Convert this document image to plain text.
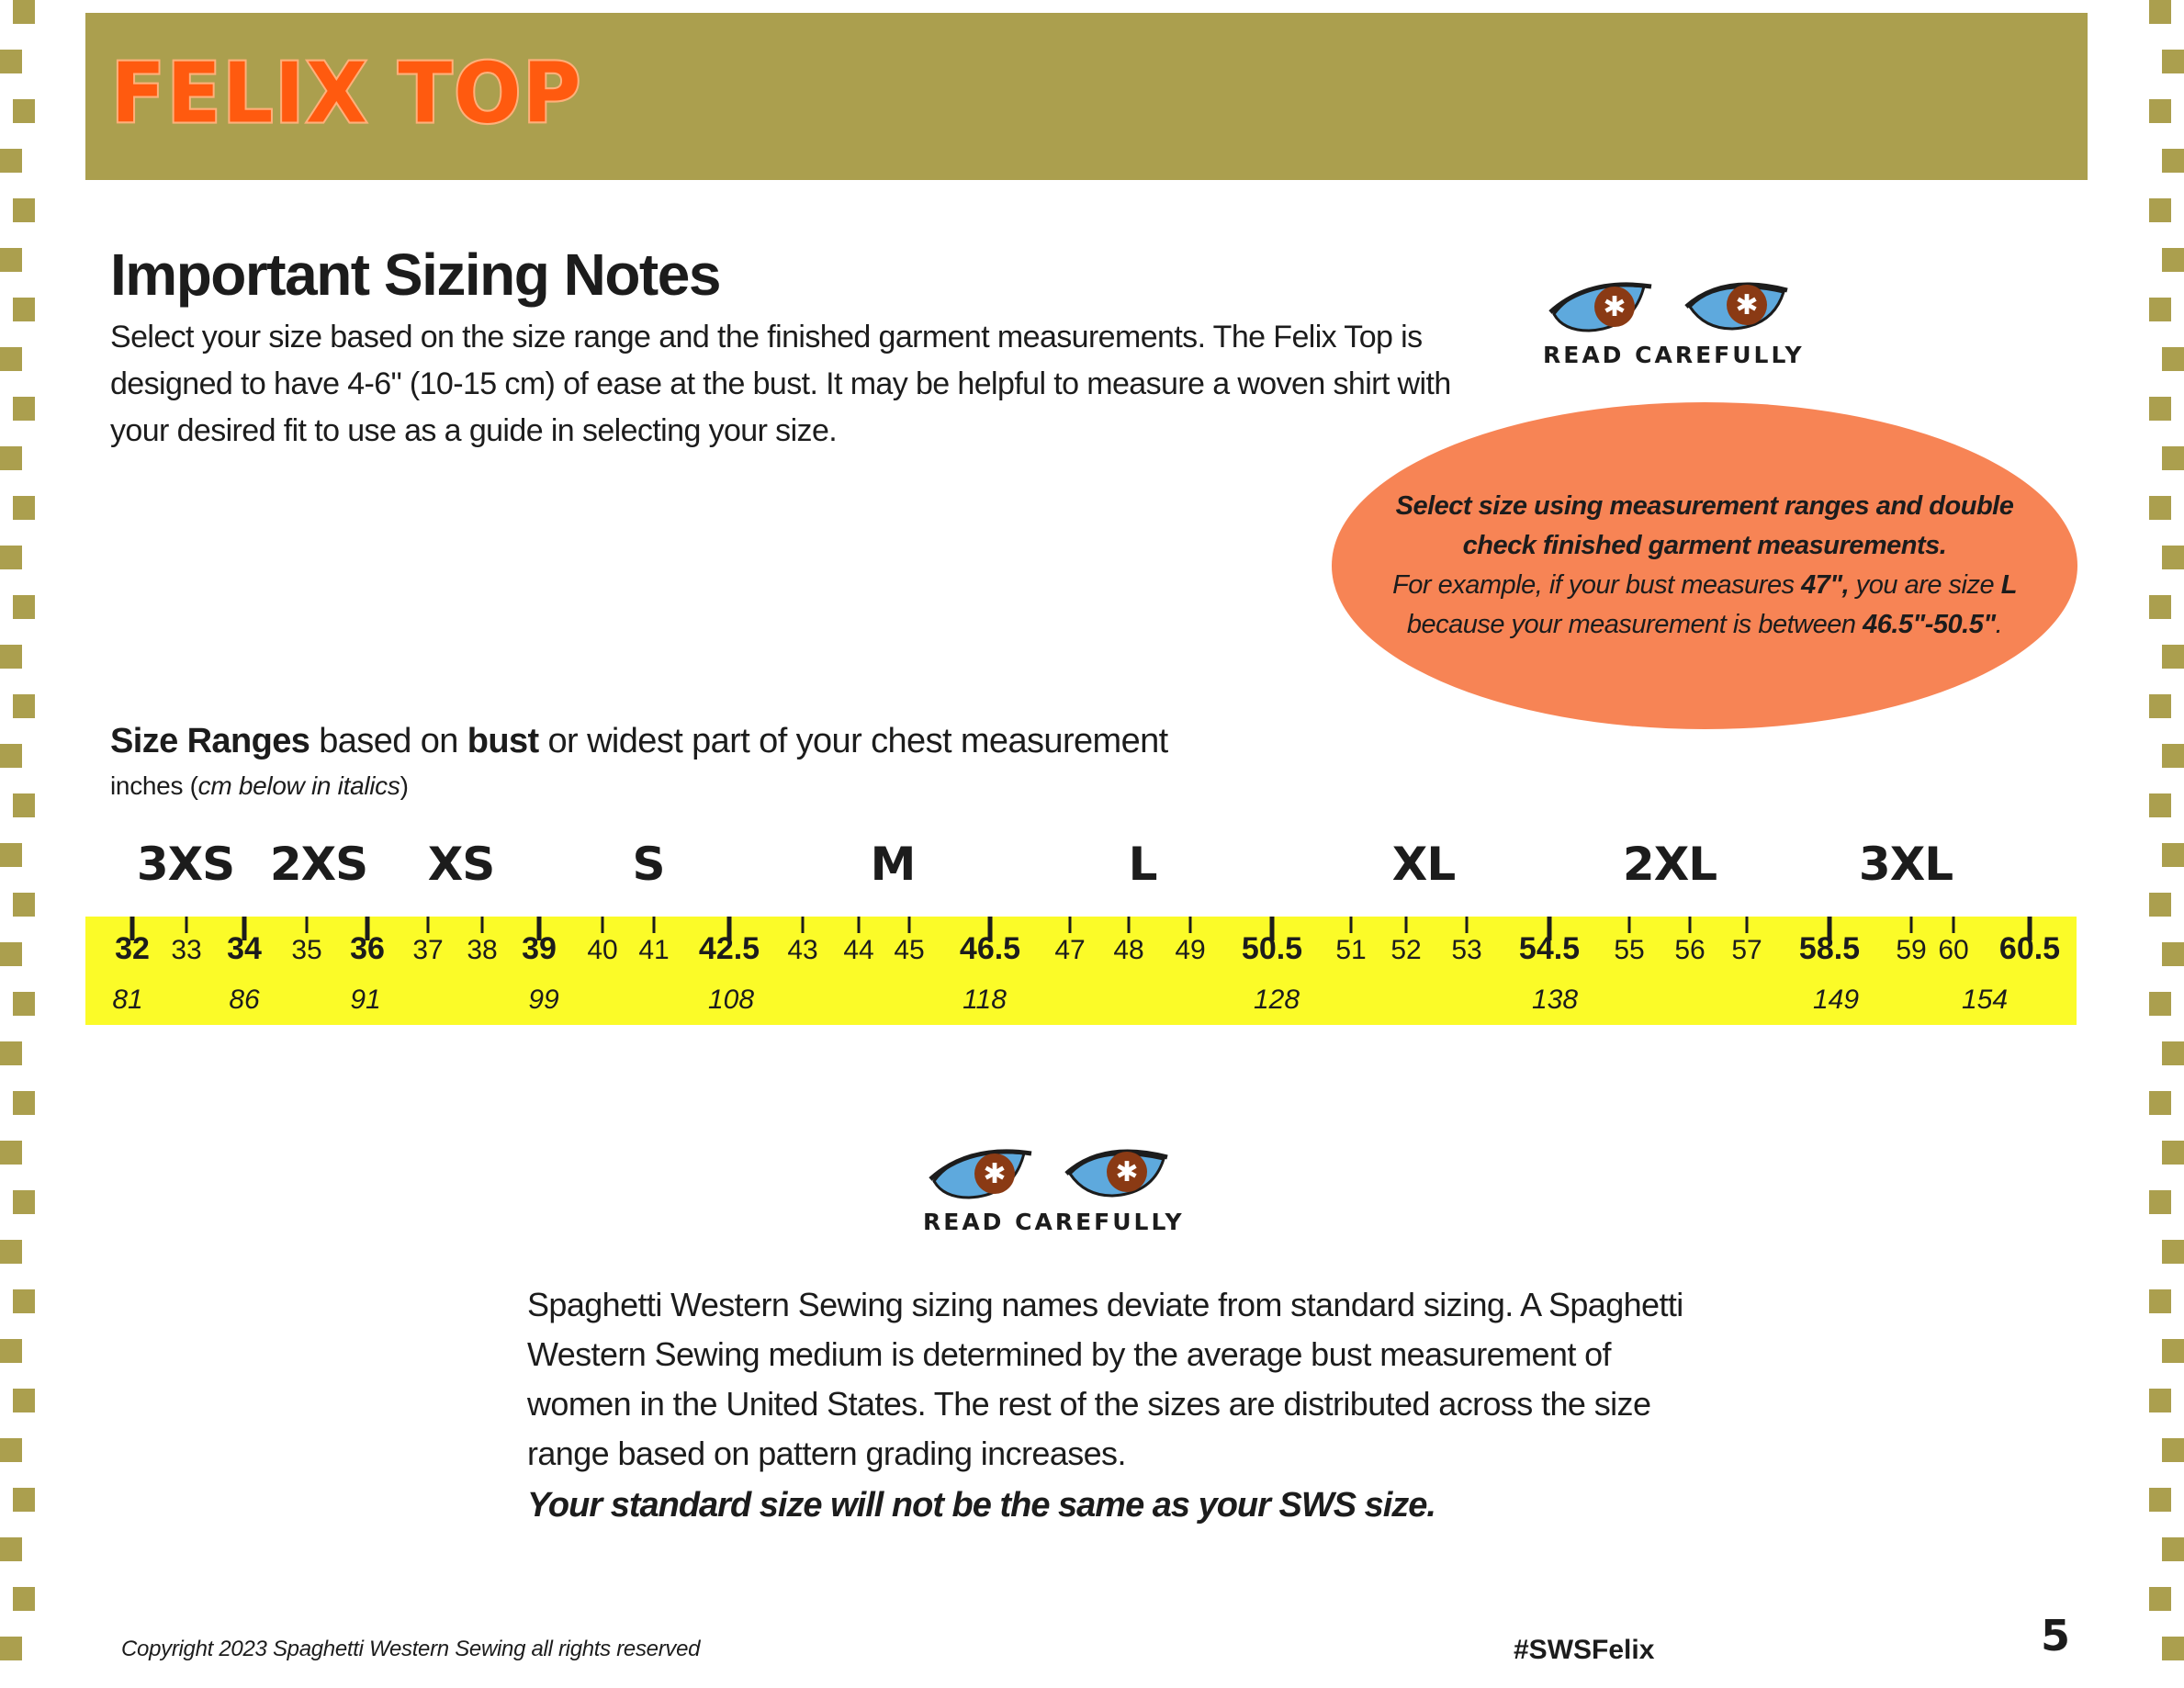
FELIX TOP
Important Sizing Notes
Select your size based on the size range and the finished garment measurements. The Felix Top is designed to have 4-6" (10-15 cm) of ease at the bust. It may be helpful to measure a woven shirt with your desired fit to use as a guide in selecting your size.
✱	✱
READ CAREFULLY

Select size using measurement ranges and double check finished garment measurements.

For example, if your bust measures 47", you are size L because your measurement is between 46.5"-50.5".

Size Ranges based on bust or widest part of your chest measurement
inches (cm below in italics)
3XS 2XS XS	S	M	L	XL	2XL	3XL
32 33 34 35 36 37 38 39 40 41 42.5 43 44 45 46.5 47 48 49 50.5 51 52 53 54.5 55 56 57 58.5 59 60 60.5
81	86	91	99	108	118	128	138	149	154
✱	✱
READ CAREFULLY
Spaghetti Western Sewing sizing names deviate from standard sizing. A Spaghetti Western Sewing medium is determined by the average bust measurement of women in the United States. The rest of the sizes are distributed across the size range based on pattern grading increases.
Your standard size will not be the same as your SWS size.
Copyright 2023 Spaghetti Western Sewing all rights reserved	#SWSFelix	5
